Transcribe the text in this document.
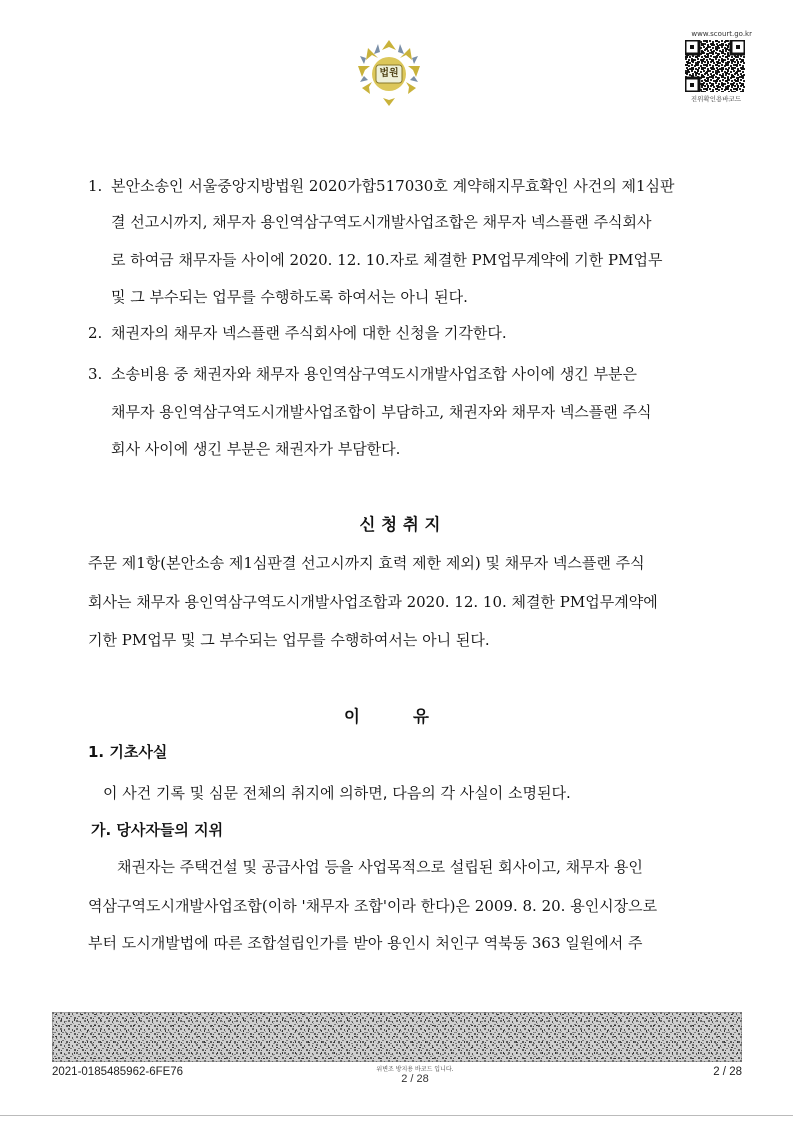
법원
www.scourt.go.kr
진위확인용바코드
1. 본안소송인 서울중앙지방법원 2020가합517030호 계약해지무효확인 사건의 제1심판
결 선고시까지, 채무자 용인역삼구역도시개발사업조합은 채무자 넥스플랜 주식회사
로 하여금 채무자들 사이에 2020. 12. 10.자로 체결한 PM업무계약에 기한 PM업무
및 그 부수되는 업무를 수행하도록 하여서는 아니 된다.
2. 채권자의 채무자 넥스플랜 주식회사에 대한 신청을 기각한다.
3. 소송비용 중 채권자와 채무자 용인역삼구역도시개발사업조합 사이에 생긴 부분은
채무자 용인역삼구역도시개발사업조합이 부담하고, 채권자와 채무자 넥스플랜 주식
회사 사이에 생긴 부분은 채권자가 부담한다.
신 청 취 지
주문 제1항(본안소송 제1심판결 선고시까지 효력 제한 제외) 및 채무자 넥스플랜 주식
회사는 채무자 용인역삼구역도시개발사업조합과 2020. 12. 10. 체결한 PM업무계약에
기한 PM업무 및 그 부수되는 업무를 수행하여서는 아니 된다.
이	유
1. 기초사실
이 사건 기록 및 심문 전체의 취지에 의하면, 다음의 각 사실이 소명된다.
가. 당사자들의 지위
채권자는 주택건설 및 공급사업 등을 사업목적으로 설립된 회사이고, 채무자 용인
역삼구역도시개발사업조합(이하 '채무자 조합'이라 한다)은 2009. 8. 20. 용인시장으로
부터 도시개발법에 따른 조합설립인가를 받아 용인시 처인구 역북동 363 일원에서 주
2021-0185485962-6FE76	위변조 방지용 바코드 입니다.
2 / 28
2 / 28
